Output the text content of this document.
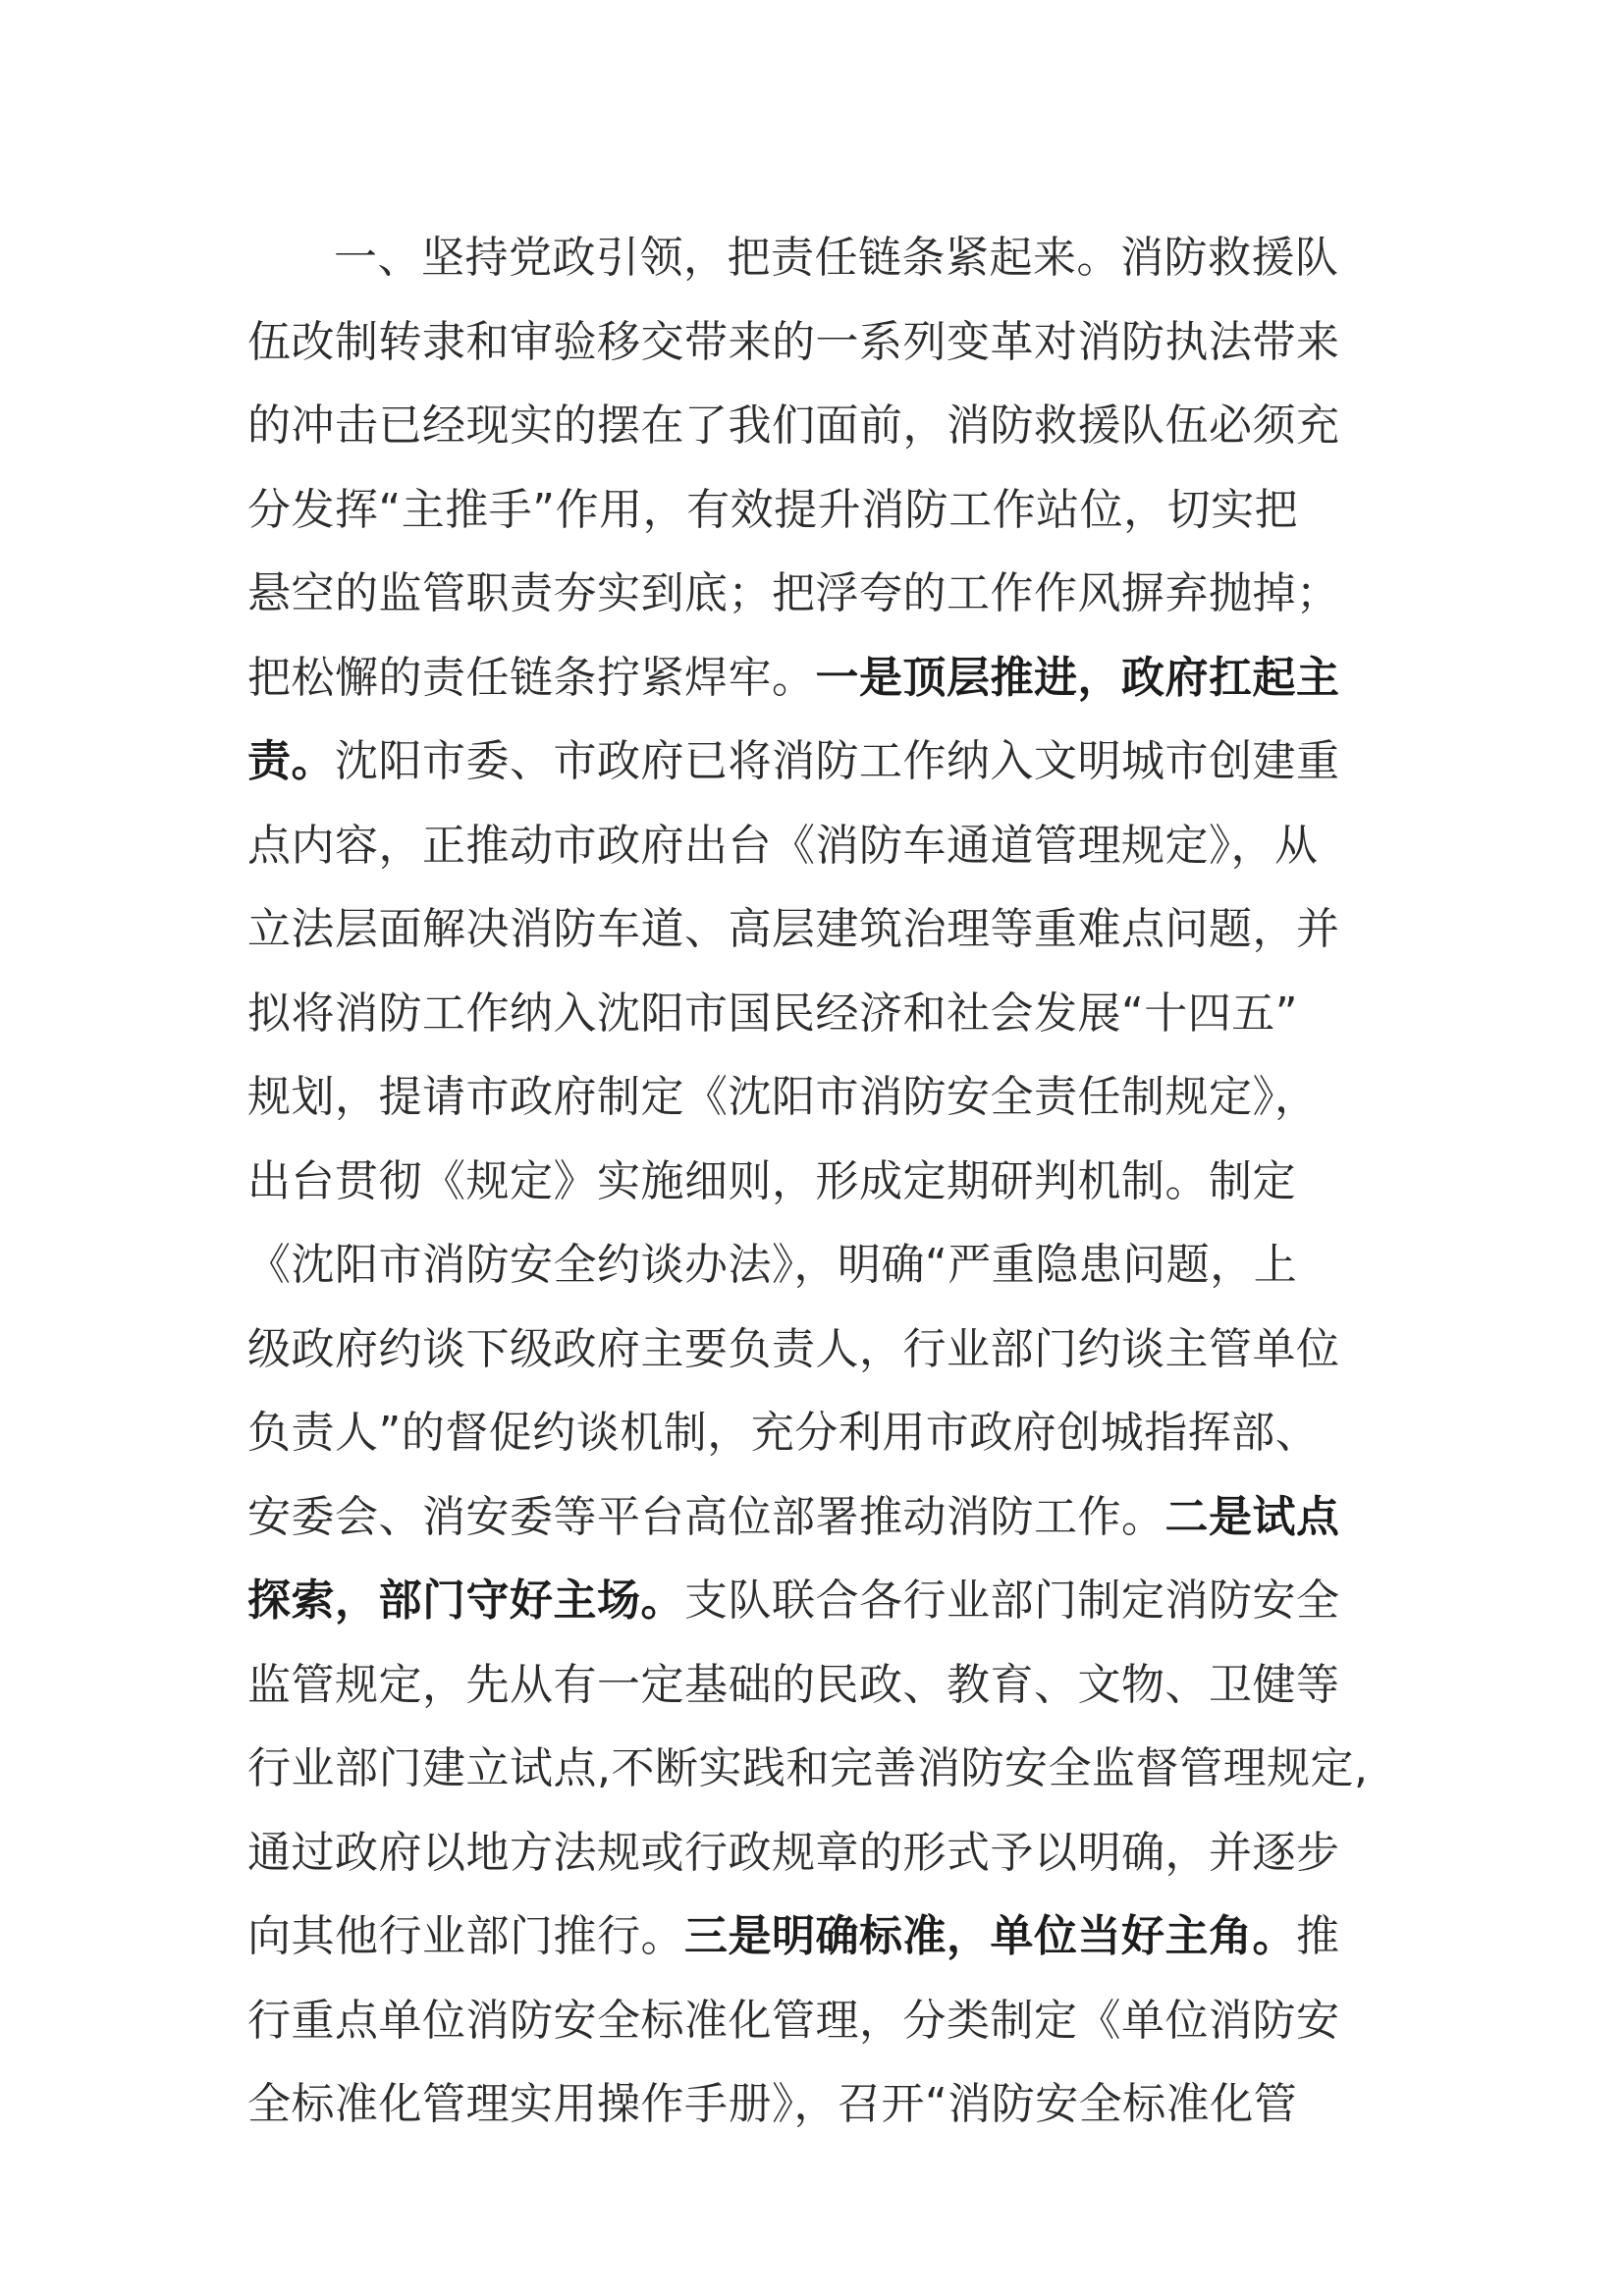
一、坚持党政引领，把责任链条紧起来。消防救援队
伍改制转隶和审验移交带来的一系列变革对消防执法带来
的冲击已经现实的摆在了我们面前，消防救援队伍必须充
分发挥“主推手”作用，有效提升消防工作站位，切实把
悬空的监管职责夯实到底；把浮夸的工作作风摒弃抛掉；
把松懈的责任链条拧紧焊牢。一是顶层推进，政府扛起主
责。沈阳市委、市政府已将消防工作纳入文明城市创建重
点内容，正推动市政府出台《消防车通道管理规定》，从
立法层面解决消防车道、高层建筑治理等重难点问题，并
拟将消防工作纳入沈阳市国民经济和社会发展“十四五”
规划，提请市政府制定《沈阳市消防安全责任制规定》，
出台贯彻《规定》实施细则，形成定期研判机制。制定
《沈阳市消防安全约谈办法》，明确“严重隐患问题，上
级政府约谈下级政府主要负责人，行业部门约谈主管单位
负责人”的督促约谈机制，充分利用市政府创城指挥部、
安委会、消安委等平台高位部署推动消防工作。二是试点
探索，部门守好主场。支队联合各行业部门制定消防安全
监管规定，先从有一定基础的民政、教育、文物、卫健等
行业部门建立试点,不断实践和完善消防安全监督管理规定,
通过政府以地方法规或行政规章的形式予以明确，并逐步
向其他行业部门推行。三是明确标准，单位当好主角。推
行重点单位消防安全标准化管理，分类制定《单位消防安
全标准化管理实用操作手册》，召开“消防安全标准化管
